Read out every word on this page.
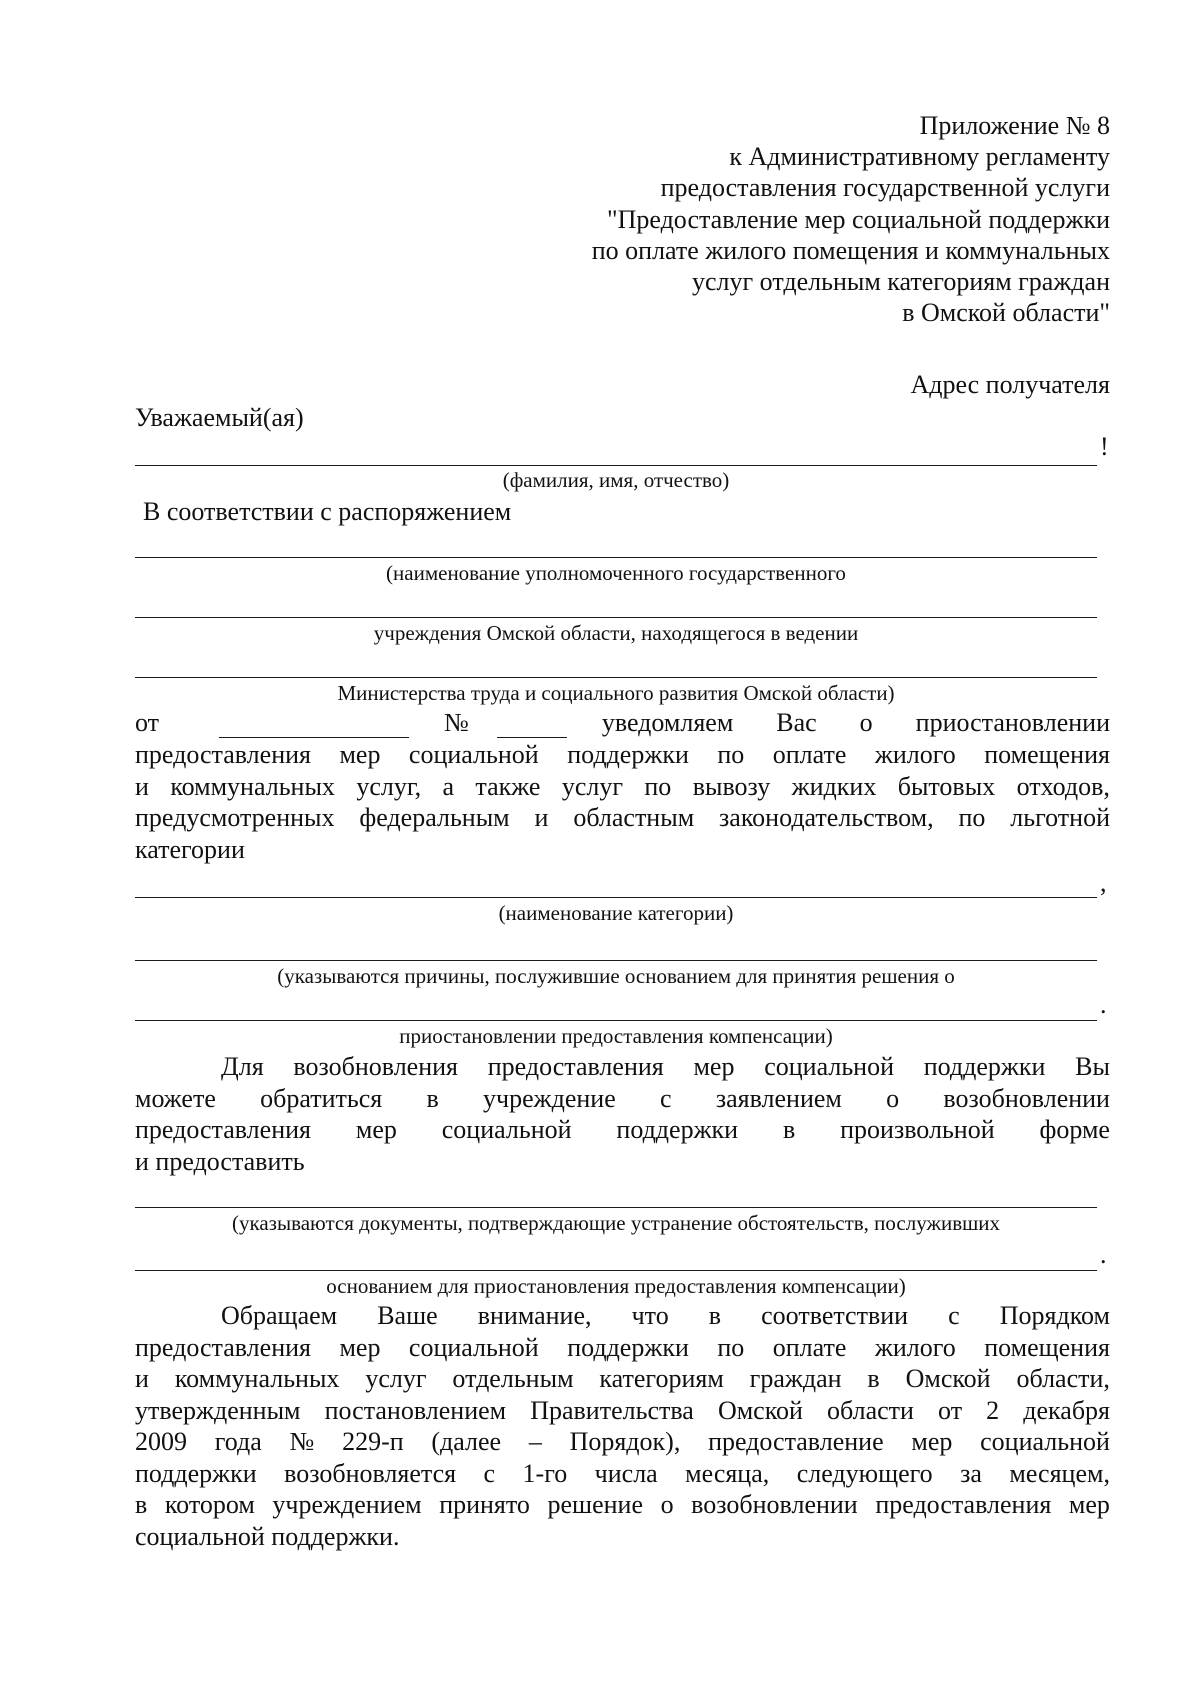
Приложение № 8
к Административному регламенту
предоставления государственной услуги
"Предоставление мер социальной поддержки
по оплате жилого помещения и коммунальных
услуг отдельным категориям граждан
в Омской области"
Адрес получателя
Уважаемый(ая)
!
(фамилия, имя, отчество)
В соответствии с распоряжением
(наименование уполномоченного государственного
учреждения Омской области, находящегося в ведении
Министерства труда и социального развития Омской области)
от	№	уведомляем Вас о приостановлении
предоставления мер социальной поддержки по оплате жилого помещения
и коммунальных услуг, а также услуг по вывозу жидких бытовых отходов,
предусмотренных федеральным и областным законодательством, по льготной
категории
,
(наименование категории)
(указываются причины, послужившие основанием для принятия решения о
.
приостановлении предоставления компенсации)
Для возобновления предоставления мер социальной поддержки Вы
можете обратиться в учреждение с заявлением о возобновлении
предоставления мер социальной поддержки в произвольной форме
и предоставить
(указываются документы, подтверждающие устранение обстоятельств, послуживших
.
основанием для приостановления предоставления компенсации)
Обращаем Ваше внимание, что в соответствии с Порядком
предоставления мер социальной поддержки по оплате жилого помещения
и коммунальных услуг отдельным категориям граждан в Омской области,
утвержденным постановлением Правительства Омской области от 2 декабря
2009 года № 229-п (далее – Порядок), предоставление мер социальной
поддержки возобновляется с 1-го числа месяца, следующего за месяцем,
в котором учреждением принято решение о возобновлении предоставления мер
социальной поддержки.
